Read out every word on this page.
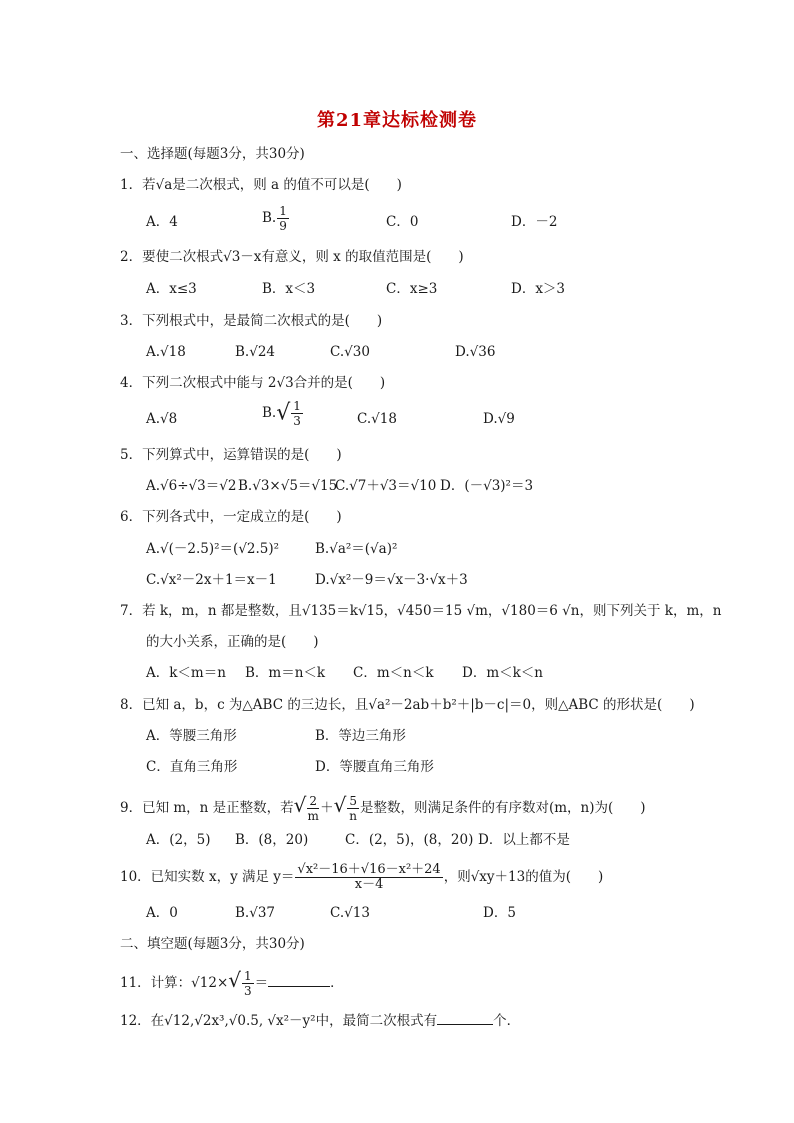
第21章达标检测卷
一、选择题(每题3分，共30分)
1．若√a是二次根式，则 a 的值不可以是(　　)
A．4	B. $\frac{1}{9}$	C．0	D．－2
2．要使二次根式√3－x有意义，则 x 的取值范围是(　　)
A．x≤3	B．x＜3	C．x≥3	D．x＞3
3．下列根式中，是最简二次根式的是(　　)
A.√18	B.√24	C.√30	D.√36
4．下列二次根式中能与 2√3合并的是(　　)
A.√8	$B.√ \frac{1}{3}$	C.√18	D.√9
5．下列算式中，运算错误的是(　　)
A.√6÷√3＝√2 B.√3×√5＝√15
C.√7＋√3＝√10 D．(－√3)²＝3
6．下列各式中，一定成立的是(　　)
A.√(－2.5)²＝(√2.5)²	B.√a²＝(√a)²
C.√x²－2x＋1＝x－1	D.√x²－9＝√x－3·√x＋3
7．若 k，m，n 都是整数，且√135＝k√15，√450＝15 √m，√180＝6 √n，则下列关于 k，m，n
的大小关系，正确的是(　　)
A．k＜m＝n B．m＝n＜k C．m＜n＜k D．m＜k＜n
8．已知 a，b，c 为△ABC 的三边长，且√a²－2ab＋b²＋|b－c|＝0，则△ABC 的形状是(　　)
A．等腰三角形	B．等边三角形
C．直角三角形	D．等腰直角三角形
9．已知 m，n 是正整数，若√ $\frac{2}{m}$ ＋√ $\frac{5}{n}$ 是整数，则满足条件的有序数对(m，n)为(　　)
A．(2，5) B．(8，20)	C．(2，5)，(8，20) D．以上都不是
10．已知实数 x，y 满足 $y= \frac{\text{√x²－16＋√16－x²＋24}}{x-4}$ ，则√xy＋13的值为(　　)
A．0	B.√37	C.√13	D．5
二、填空题(每题3分，共30分)
11．计算：$√12\times√ \frac{1}{3}$ ＝	．
12．在√12,√2x³,√0.5, √x²－y²中，最简二次根式有	个．
